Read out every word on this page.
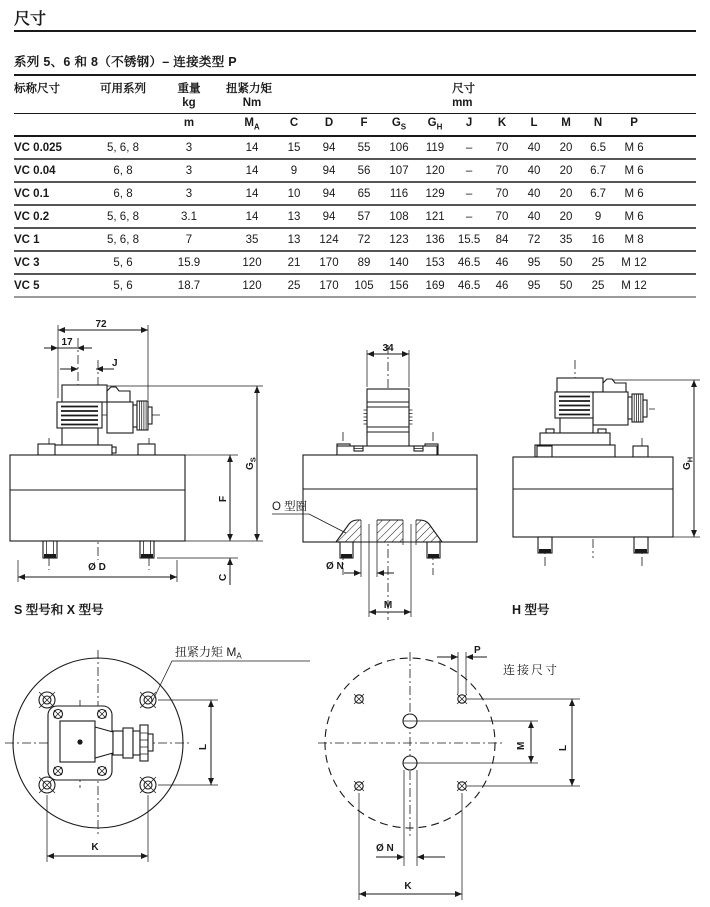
尺寸
系列 5、6 和 8（不锈钢）– 连接类型 P
标称尺寸	可用系列	重量
kg

扭紧力矩
Nm

尺寸
mm

		m	$M_A$	C	D	F	$G_S$	$G_H$	J	K	L	M	N	P	
VC 0.025	5, 6, 8	3	14	15	94	55	106	119	–	70	40	20	6.5	M 6	
VC 0.04	6, 8	3	14	9	94	56	107	120	–	70	40	20	6.7	M 6	
VC 0.1	6, 8	3	14	10	94	65	116	129	–	70	40	20	6.7	M 6	
VC 0.2	5, 6, 8	3.1	14	13	94	57	108	121	–	70	40	20	9	M 6	
VC 1	5, 6, 8	7	35	13	124	72	123	136	15.5	84	72	35	16	M 8	
VC 3	5, 6	15.9	120	21	170	89	140	153	46.5	46	95	50	25	M 12	
VC 5	5, 6	18.7	120	25	170	105	156	169	46.5	46	95	50	25	M 12	
72
17
J
$G_S$
F
C
Ø D
S 型号和 X 型号
34
O 型圈
Ø N
M
$G_H$
H 型号
扭紧力矩 $M_A$
L
K
P
连接尺寸
M	L
Ø N
K
